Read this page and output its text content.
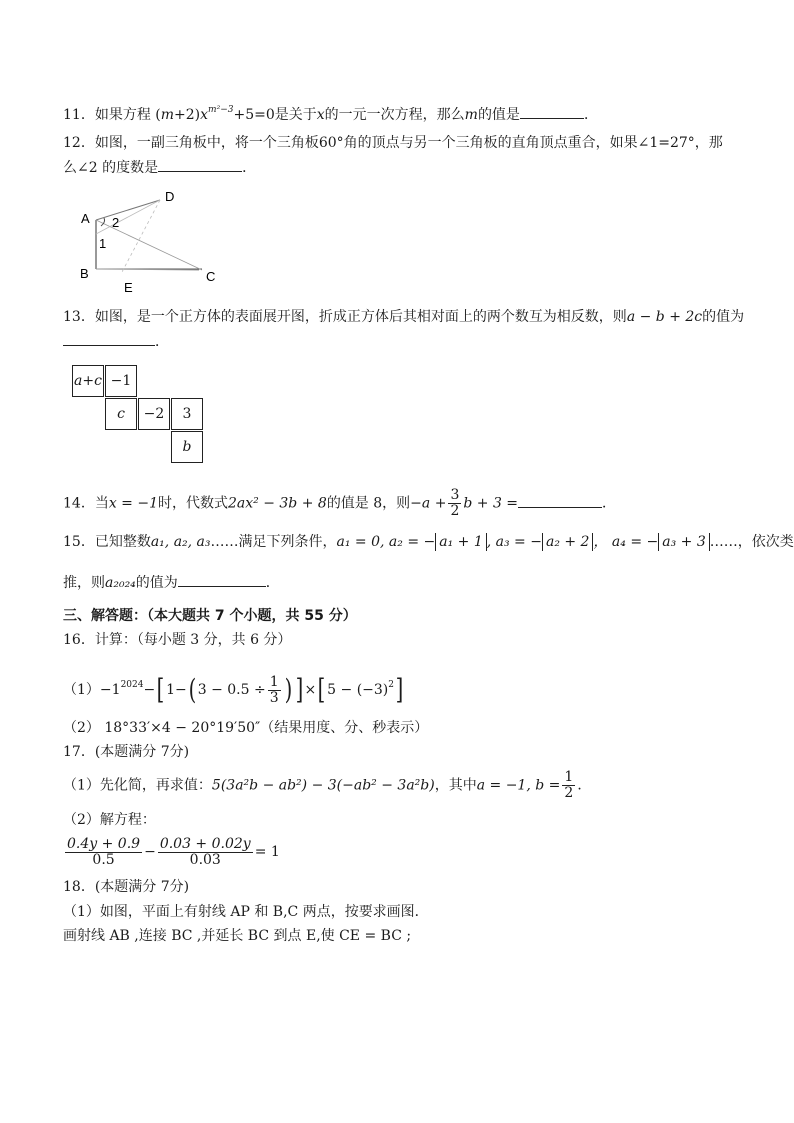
11．如果方程 $(m+2)x^{m^2-3}+5=0$是关于x的一元一次方程，那么m的值是	．
12．如图，一副三角板中，将一个三角板60°角的顶点与另一个三角板的直角顶点重合，如果∠1=27°，那
么∠2 的度数是	．
A
B	C
D
E
1
2
13．如图，是一个正方体的表面展开图，折成正方体后其相对面上的两个数互为相反数，则a − b + 2c的值为
．
a+c −1
c	−2	3
b
14．当x = −1时，代数式2ax² − 3b + 8的值是 8，则$-a + \frac{3}{2}$ b + 3 =	．
15．已知整数a₁, a₂, a₃……满足下列条件，a₁ = 0, a₂ = − a₁ + 1 , a₃ = − a₂ + 2 ， a₄ = − a₃ + 3 ……，依次类
推，则a₂₀₂₄的值为	．
三、解答题：（本大题共 7 个小题，共 55 分）
16．计算：（每小题 3 分，共 6 分）
$(1)-1^{2024}-$[ 1−( $3 - 0.5 \div \frac{1}{3}$ ) ] ×[ $5 - (-3)^2$]
（2） 18°33′×4 − 20°19′50″（结果用度、分、秒表示）
17．(本题满分 7分)
（1）先化简，再求值：5(3a²b − ab²) − 3(−ab² − 3a²b)，其中a = −1, $b = \frac{1}{2}$ ．
（2）解方程：
$\frac{0.4y + 0.9}{0.5} - \frac{0.03 + 0.02y}{0.03} = 1$
18．(本题满分 7分)
（1）如图，平面上有射线 AP 和 B,C 两点，按要求画图．
画射线 AB ,连接 BC ,并延长 BC 到点 E,使 CE = BC ;
